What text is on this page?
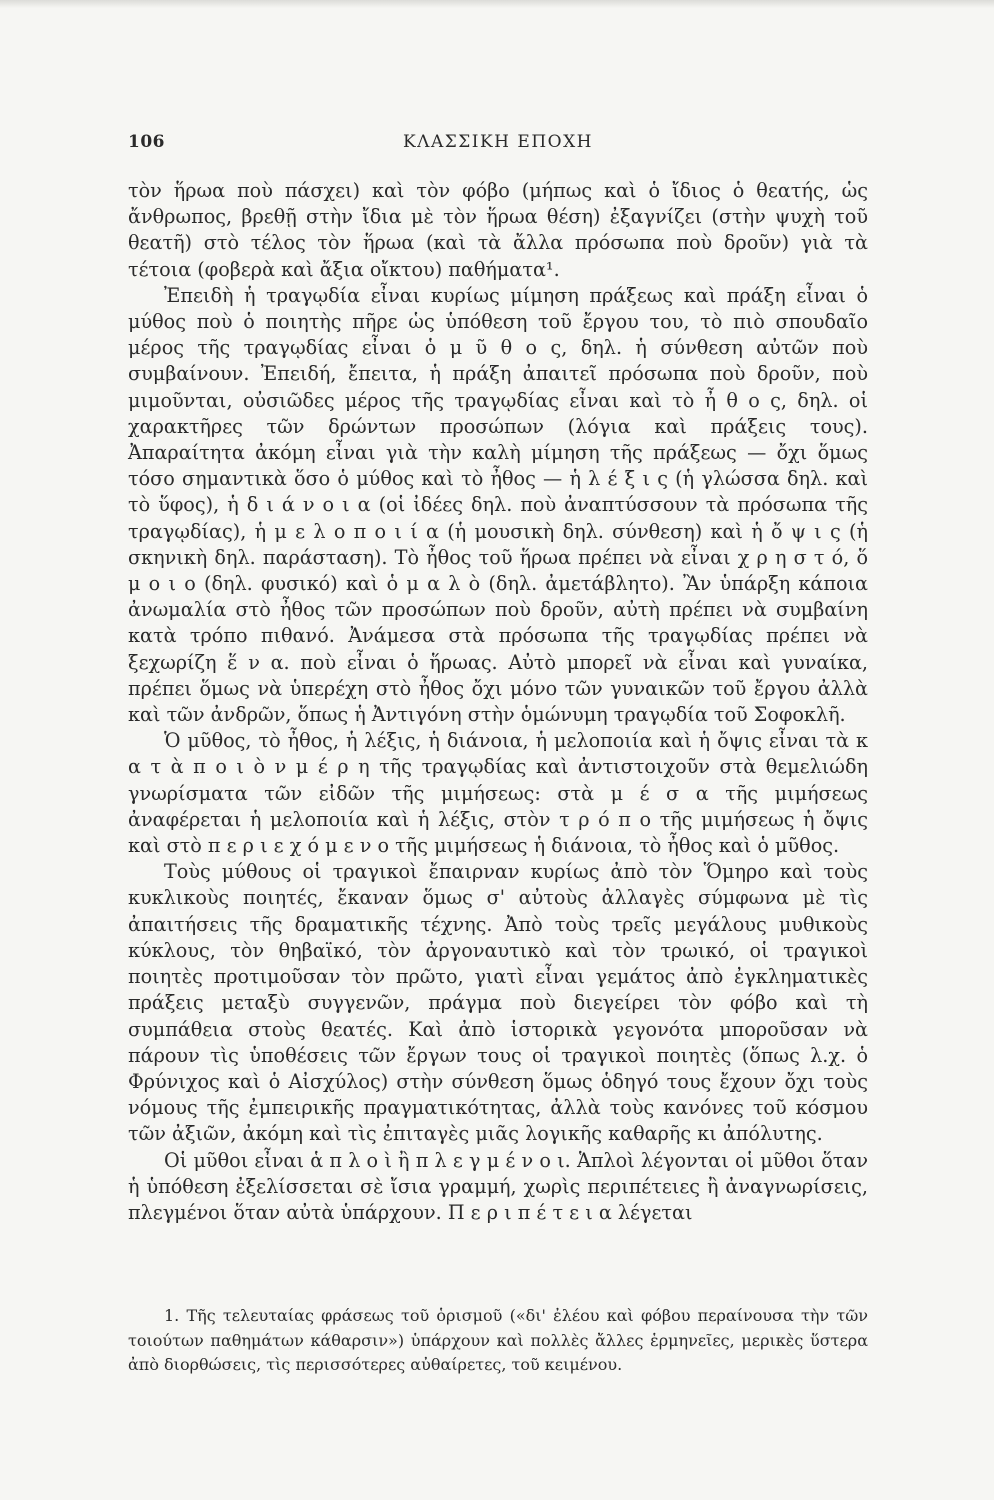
106	ΚΛΑΣΣΙΚΗ ΕΠΟΧΗ

τὸν ἥρωα ποὺ πάσχει) καὶ τὸν φόβο (μήπως καὶ ὁ ἴδιος ὁ θεατής, ὡς ἄνθρωπος, βρεθῇ στὴν ἴδια μὲ τὸν ἥρωα θέση) ἐξαγνίζει (στὴν ψυχὴ τοῦ θεατῆ) στὸ τέλος τὸν ἥρωα (καὶ τὰ ἄλλα πρόσωπα ποὺ δροῦν) γιὰ τὰ τέτοια (φοβερὰ καὶ ἄξια οἴκτου) παθήματα¹.

Ἐπειδὴ ἡ τραγῳδία εἶναι κυρίως μίμηση πράξεως καὶ πράξη εἶναι ὁ μύθος ποὺ ὁ ποιητὴς πῆρε ὡς ὑπόθεση τοῦ ἔργου του, τὸ πιὸ σπουδαῖο μέρος τῆς τραγῳδίας εἶναι ὁ μ ῦ θ ο ς, δηλ. ἡ σύνθεση αὐτῶν ποὺ συμβαίνουν. Ἐπειδή, ἔπειτα, ἡ πράξη ἀπαιτεῖ πρόσωπα ποὺ δροῦν, ποὺ μιμοῦνται, οὐσιῶδες μέρος τῆς τραγῳδίας εἶναι καὶ τὸ ἦ θ ο ς, δηλ. οἱ χαρακτῆρες τῶν δρώντων προσώπων (λόγια καὶ πράξεις τους). Ἀπαραίτητα ἀκόμη εἶναι γιὰ τὴν καλὴ μίμηση τῆς πράξεως — ὄχι ὅμως τόσο σημαντικὰ ὅσο ὁ μύθος καὶ τὸ ἦθος — ἡ λ έ ξ ι ς (ἡ γλώσσα δηλ. καὶ τὸ ὕφος), ἡ δ ι ά ν ο ι α (οἱ ἰδέες δηλ. ποὺ ἀναπτύσσουν τὰ πρόσωπα τῆς τραγῳδίας), ἡ μ ε λ ο π ο ι ί α (ἡ μουσικὴ δηλ. σύνθεση) καὶ ἡ ὄ ψ ι ς (ἡ σκηνικὴ δηλ. παράσταση). Τὸ ἦθος τοῦ ἥρωα πρέπει νὰ εἶναι χ ρ η σ τ ό, ὅ μ ο ι ο (δηλ. φυσικό) καὶ ὁ μ α λ ὸ (δηλ. ἀμετάβλητο). Ἂν ὑπάρξη κάποια ἀνωμαλία στὸ ἦθος τῶν προσώπων ποὺ δροῦν, αὐτὴ πρέπει νὰ συμβαίνη κατὰ τρόπο πιθανό. Ἀνάμεσα στὰ πρόσωπα τῆς τραγῳδίας πρέπει νὰ ξεχωρίζη ἕ ν α. ποὺ εἶναι ὁ ἥρωας. Αὐτὸ μπορεῖ νὰ εἶναι καὶ γυναίκα, πρέπει ὅμως νὰ ὑπερέχη στὸ ἦθος ὄχι μόνο τῶν γυναικῶν τοῦ ἔργου ἀλλὰ καὶ τῶν ἀνδρῶν, ὅπως ἡ Ἀντιγόνη στὴν ὁμώνυμη τραγῳδία τοῦ Σοφοκλῆ.

Ὁ μῦθος, τὸ ἦθος, ἡ λέξις, ἡ διάνοια, ἡ μελοποιία καὶ ἡ ὄψις εἶναι τὰ κ α τ ὰ π ο ι ὸ ν μ έ ρ η τῆς τραγῳδίας καὶ ἀντιστοιχοῦν στὰ θεμελιώδη γνωρίσματα τῶν εἰδῶν τῆς μιμήσεως: στὰ μ έ σ α τῆς μιμήσεως ἀναφέρεται ἡ μελοποιία καὶ ἡ λέξις, στὸν τ ρ ό π ο τῆς μιμήσεως ἡ ὄψις καὶ στὸ π ε ρ ι ε χ ό μ ε ν ο τῆς μιμήσεως ἡ διάνοια, τὸ ἦθος καὶ ὁ μῦθος.

Τοὺς μύθους οἱ τραγικοὶ ἔπαιρναν κυρίως ἀπὸ τὸν Ὅμηρο καὶ τοὺς κυκλικοὺς ποιητές, ἔκαναν ὅμως σ' αὐτοὺς ἀλλαγὲς σύμφωνα μὲ τὶς ἀπαιτήσεις τῆς δραματικῆς τέχνης. Ἀπὸ τοὺς τρεῖς μεγάλους μυθικοὺς κύκλους, τὸν θηβαϊκό, τὸν ἀργοναυτικὸ καὶ τὸν τρωικό, οἱ τραγικοὶ ποιητὲς προτιμοῦσαν τὸν πρῶτο, γιατὶ εἶναι γεμάτος ἀπὸ ἐγκληματικὲς πράξεις μεταξὺ συγγενῶν, πράγμα ποὺ διεγείρει τὸν φόβο καὶ τὴ συμπάθεια στοὺς θεατές. Καὶ ἀπὸ ἱστορικὰ γεγονότα μποροῦσαν νὰ πάρουν τὶς ὑποθέσεις τῶν ἔργων τους οἱ τραγικοὶ ποιητὲς (ὅπως λ.χ. ὁ Φρύνιχος καὶ ὁ Αἰσχύλος) στὴν σύνθεση ὅμως ὁδηγό τους ἔχουν ὄχι τοὺς νόμους τῆς ἐμπειρικῆς πραγματικότητας, ἀλλὰ τοὺς κανόνες τοῦ κόσμου τῶν ἀξιῶν, ἀκόμη καὶ τὶς ἐπιταγὲς μιᾶς λογικῆς καθαρῆς κι ἀπόλυτης.

Οἱ μῦθοι εἶναι ἁ π λ ο ὶ ἢ π λ ε γ μ έ ν ο ι. Ἁπλοὶ λέγονται οἱ μῦθοι ὅταν ἡ ὑπόθεση ἐξελίσσεται σὲ ἴσια γραμμή, χωρὶς περιπέτειες ἢ ἀναγνωρίσεις, πλεγμένοι ὅταν αὐτὰ ὑπάρχουν. Π ε ρ ι π έ τ ε ι α λέγεται

1. Τῆς τελευταίας φράσεως τοῦ ὁρισμοῦ («δι' ἐλέου καὶ φόβου περαίνουσα τὴν τῶν τοιούτων παθημάτων κάθαρσιν») ὑπάρχουν καὶ πολλὲς ἄλλες ἑρμηνεῖες, μερικὲς ὕστερα ἀπὸ διορθώσεις, τὶς περισσότερες αὐθαίρετες, τοῦ κειμένου.
